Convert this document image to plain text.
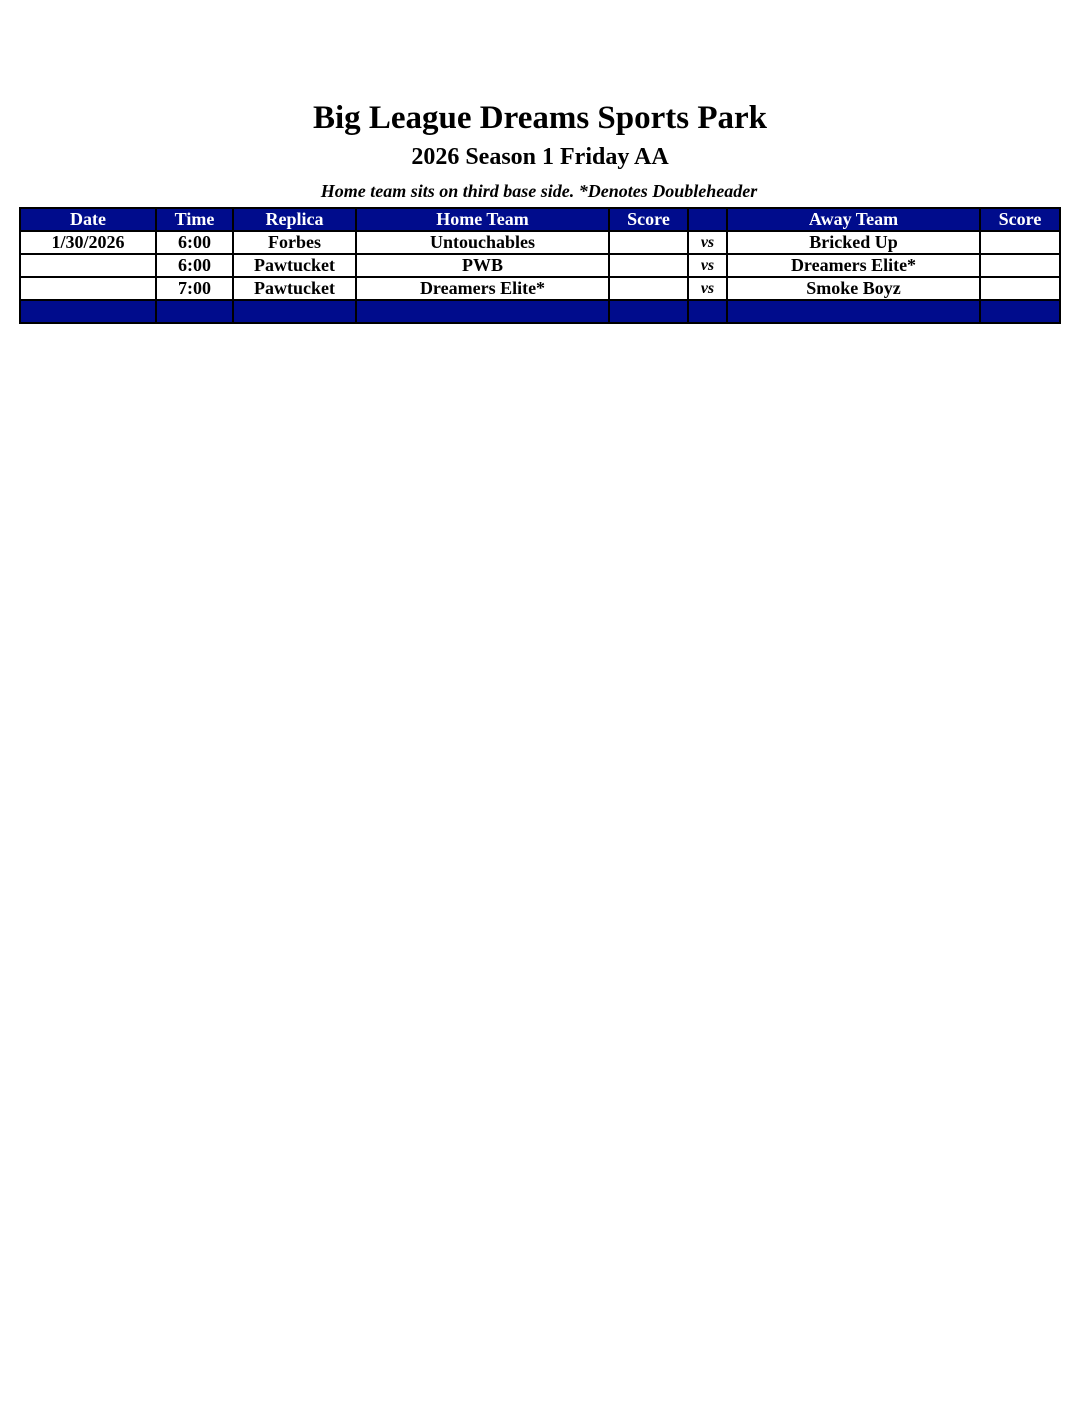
Big League Dreams Sports Park
2026 Season 1 Friday AA
Home team sits on third base side. *Denotes Doubleheader
Date	Time	Replica	Home Team	Score		Away Team	Score
1/30/2026	6:00	Forbes	Untouchables		vs	Bricked Up	
	6:00	Pawtucket	PWB		vs	Dreamers Elite*	
	7:00	Pawtucket	Dreamers Elite*		vs	Smoke Boyz	
